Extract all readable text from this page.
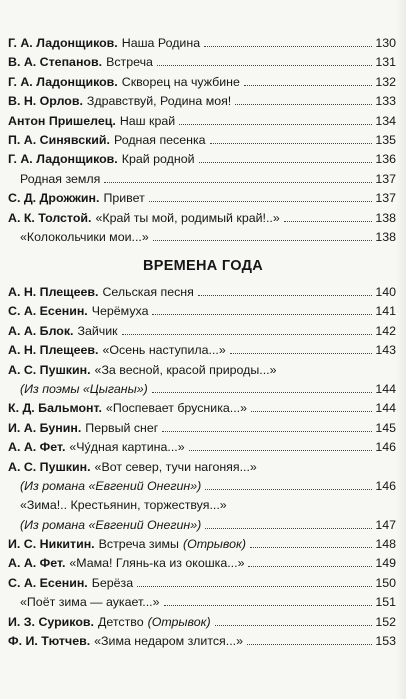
Г. А. Ладонщиков. Наша Родина	130
В. А. Степанов. Встреча	131
Г. А. Ладонщиков. Скворец на чужбине	132
В. Н. Орлов. Здравствуй, Родина моя!	133
Антон Пришелец. Наш край	134
П. А. Синявский. Родная песенка	135
Г. А. Ладонщиков. Край родной	136
Родная земля	137
С. Д. Дрожжин. Привет	137
А. К. Толстой. «Край ты мой, родимый край!..»	138
«Колокольчики мои...»	138
ВРЕМЕНА ГОДА
А. Н. Плещеев. Сельская песня	140
С. А. Есенин. Черёмуха	141
А. А. Блок. Зайчик	142
А. Н. Плещеев. «Осень наступила...»	143
А. С. Пушкин. «За весной, красой природы...»
(Из поэмы «Цыганы»)	144
К. Д. Бальмонт. «Поспевает брусника...»	144
И. А. Бунин. Первый снег	145
А. А. Фет. «Чу́дная картина...»	146
А. С. Пушкин. «Вот север, тучи нагоняя...»
(Из романа «Евгений Онегин»)	146
«Зима!.. Крестьянин, торжествуя...»
(Из романа «Евгений Онегин»)	147
И. С. Никитин. Встреча зимы (Отрывок)	148
А. А. Фет. «Мама! Глянь-ка из окошка...»	149
С. А. Есенин. Берёза	150
«Поёт зима — аукает...»	151
И. З. Суриков. Детство (Отрывок)	152
Ф. И. Тютчев. «Зима недаром злится...»	153
